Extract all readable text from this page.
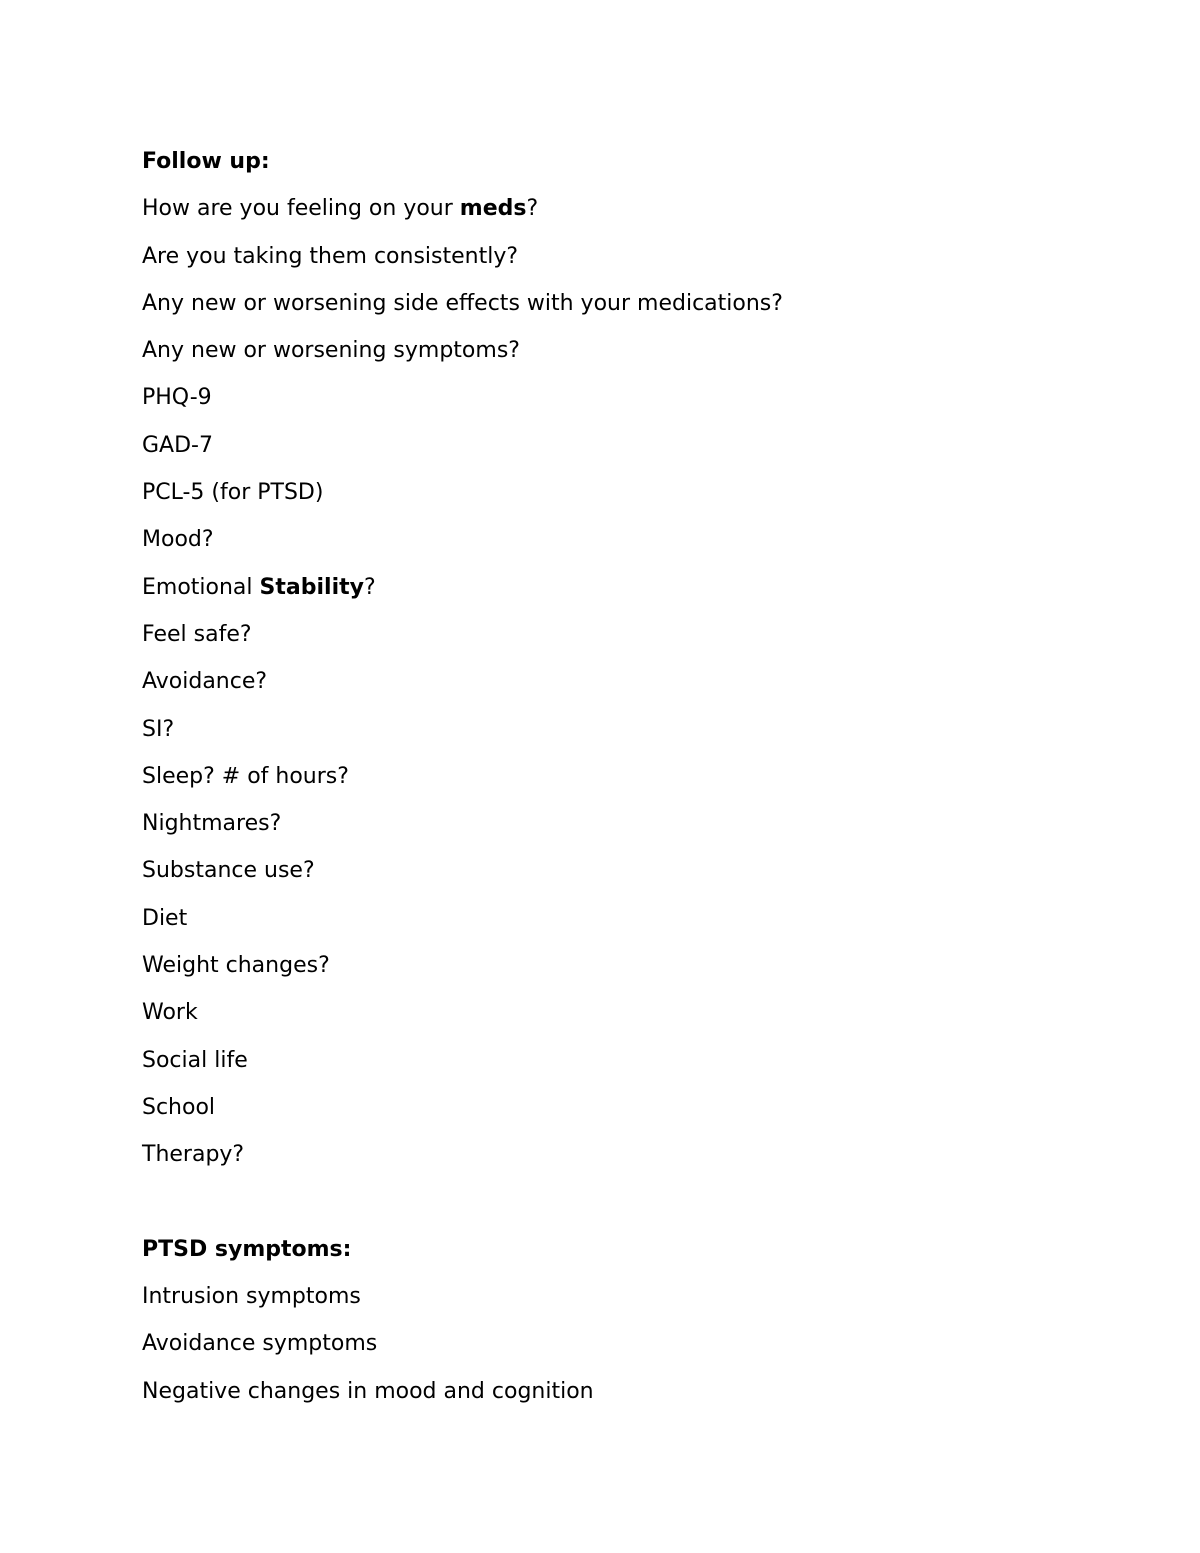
Follow up:
How are you feeling on your meds?
Are you taking them consistently?
Any new or worsening side effects with your medications?
Any new or worsening symptoms?
PHQ-9
GAD-7
PCL-5 (for PTSD)
Mood?
Emotional Stability?
Feel safe?
Avoidance?
SI?
Sleep? # of hours?
Nightmares?
Substance use?
Diet
Weight changes?
Work
Social life
School
Therapy?
PTSD symptoms:
Intrusion symptoms
Avoidance symptoms
Negative changes in mood and cognition
